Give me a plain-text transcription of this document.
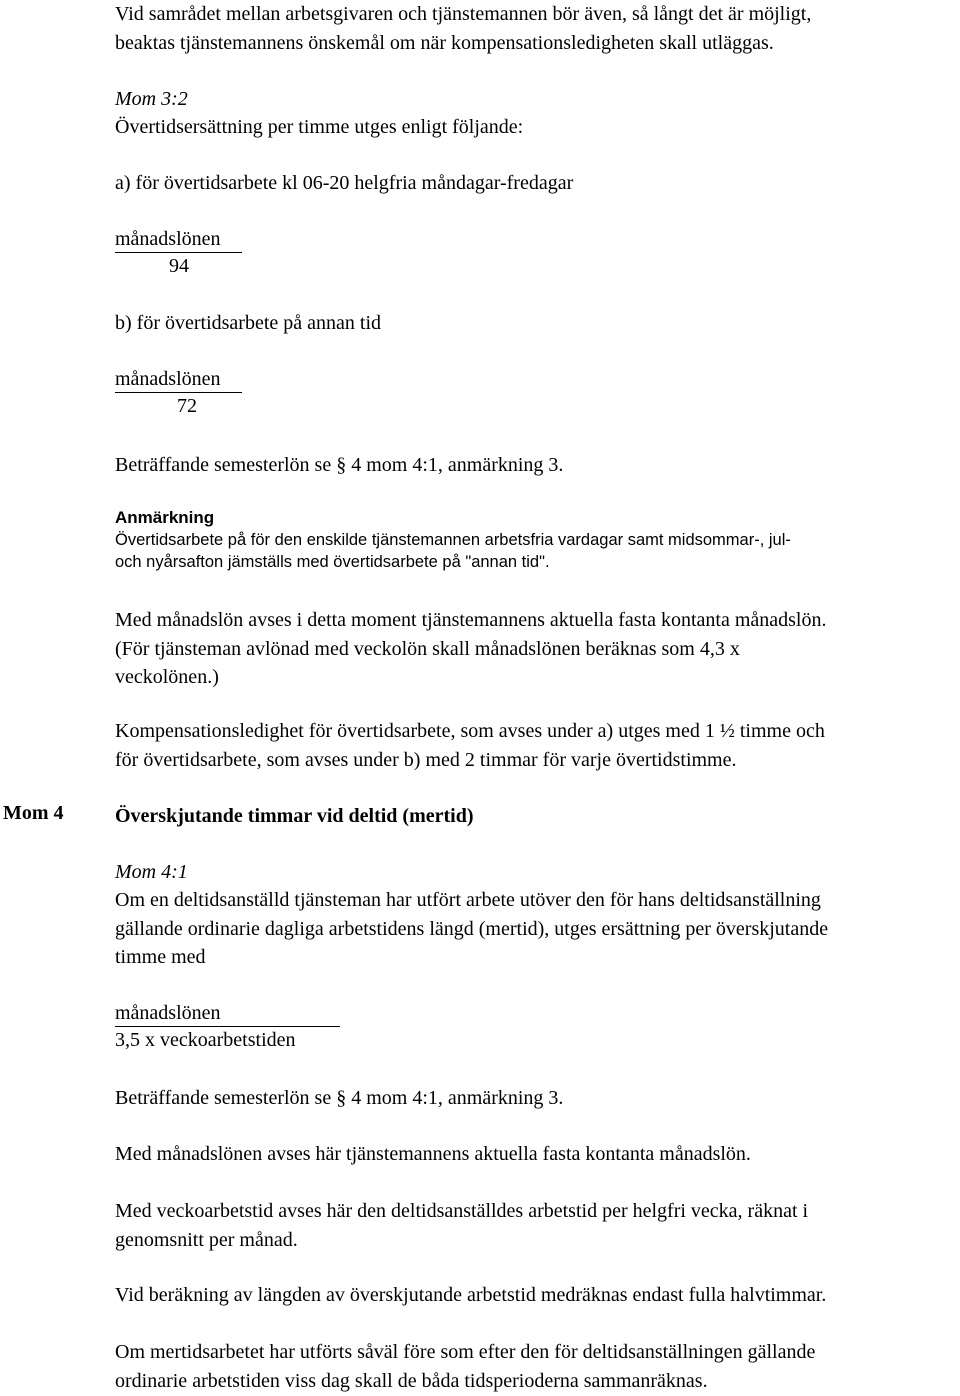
Vid samrådet mellan arbetsgivaren och tjänstemannen bör även, så långt det är möjligt,

beaktas tjänstemannens önskemål om när kompensationsledigheten skall utläggas.

Mom 3:2
Övertidsersättning per timme utges enligt följande:
a) för övertidsarbete kl 06-20 helgfria måndagar-fredagar
månadslönen
94
b) för övertidsarbete på annan tid
månadslönen
72
Beträffande semesterlön se § 4 mom 4:1, anmärkning 3.
Anmärkning
Övertidsarbete på för den enskilde tjänstemannen arbetsfria vardagar samt midsommar-, jul-
och nyårsafton jämställs med övertidsarbete på "annan tid".

Med månadslön avses i detta moment tjänstemannens aktuella fasta kontanta månadslön.

(För tjänsteman avlönad med veckolön skall månadslönen beräknas som 4,3 x

veckolönen.)

Kompensationsledighet för övertidsarbete, som avses under a) utges med 1 ½ timme och

för övertidsarbete, som avses under b) med 2 timmar för varje övertidstimme.

Mom 4	Överskjutande timmar vid deltid (mertid)
Mom 4:1

Om en deltidsanställd tjänsteman har utfört arbete utöver den för hans deltidsanställning

gällande ordinarie dagliga arbetstidens längd (mertid), utges ersättning per överskjutande

timme med

månadslönen
3,5 x veckoarbetstiden
Beträffande semesterlön se § 4 mom 4:1, anmärkning 3.
Med månadslönen avses här tjänstemannens aktuella fasta kontanta månadslön.

Med veckoarbetstid avses här den deltidsanställdes arbetstid per helgfri vecka, räknat i

genomsnitt per månad.

Vid beräkning av längden av överskjutande arbetstid medräknas endast fulla halvtimmar.

Om mertidsarbetet har utförts såväl före som efter den för deltidsanställningen gällande

ordinarie arbetstiden viss dag skall de båda tidsperioderna sammanräknas.
